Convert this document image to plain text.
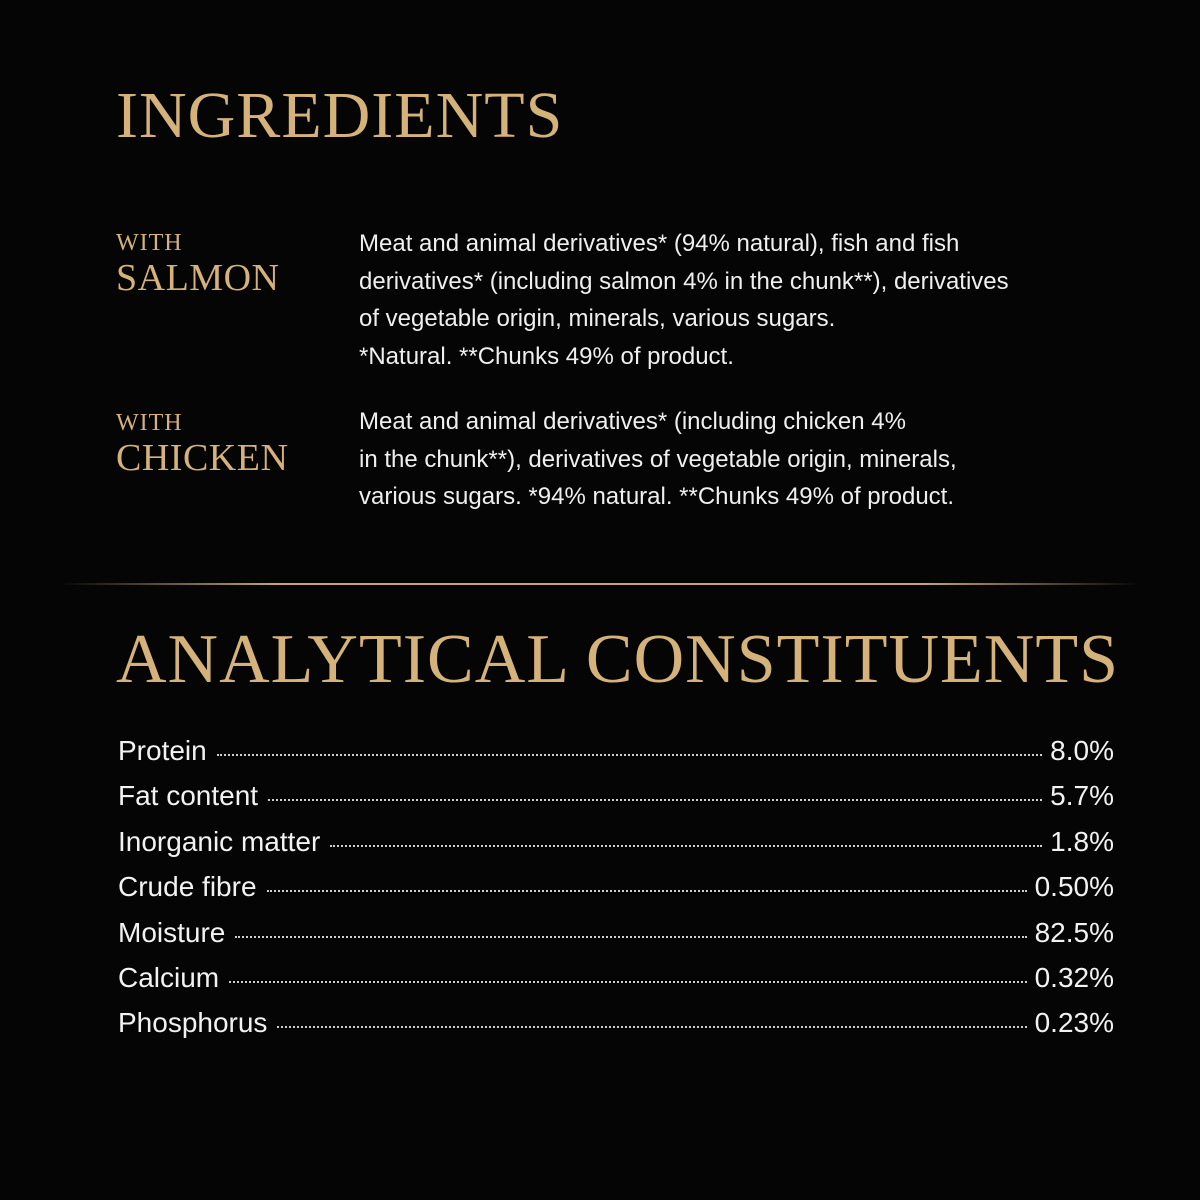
INGREDIENTS
WITH
SALMON
Meat and animal derivatives* (94% natural), fish and fish
derivatives* (including salmon 4% in the chunk**), derivatives
of vegetable origin, minerals, various sugars.
*Natural. **Chunks 49% of product.
WITH
CHICKEN
Meat and animal derivatives* (including chicken 4%
in the chunk**), derivatives of vegetable origin, minerals,
various sugars. *94% natural. **Chunks 49% of product.
ANALYTICAL CONSTITUENTS
Protein	8.0%
Fat content	5.7%
Inorganic matter	1.8%
Crude fibre	0.50%
Moisture	82.5%
Calcium	0.32%
Phosphorus	0.23%
